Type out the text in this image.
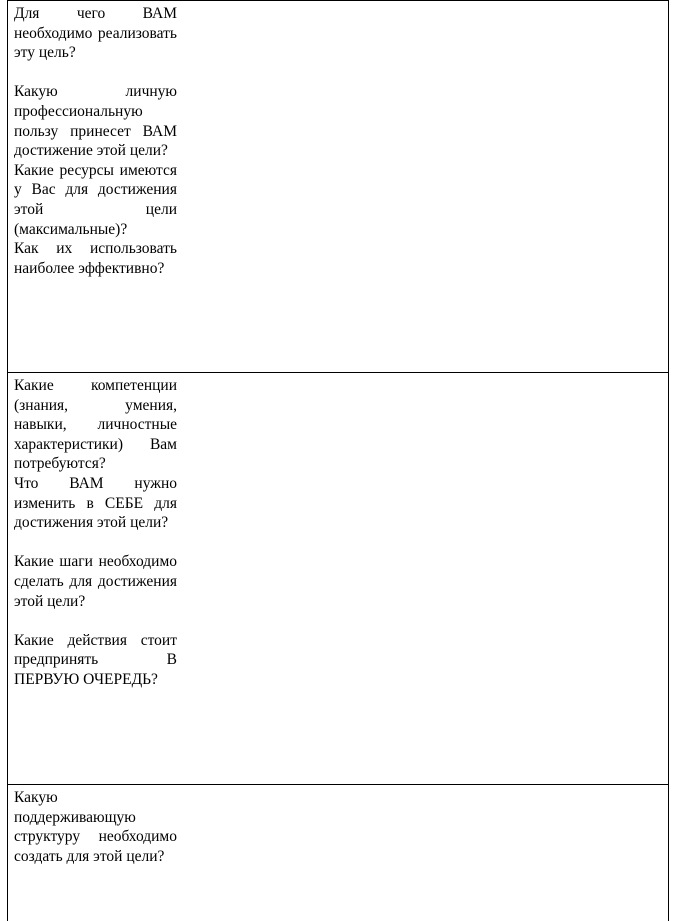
Для чего ВАМ необходимо реализовать эту цель?
Какую личную профессиональную пользу принесет ВАМ достижение этой цели?
Какие ресурсы имеются у Вас для достижения этой цели (максимальные)?
Как их использовать наиболее эффективно?
Какие компетенции (знания, умения, навыки, личностные характеристики) Вам потребуются?
Что ВАМ нужно изменить в СЕБЕ для достижения этой цели?
Какие шаги необходимо сделать для достижения этой цели?
Какие действия стоит предпринять В ПЕРВУЮ ОЧЕРЕДЬ?
Какую поддерживающую структуру необходимо создать для этой цели?
